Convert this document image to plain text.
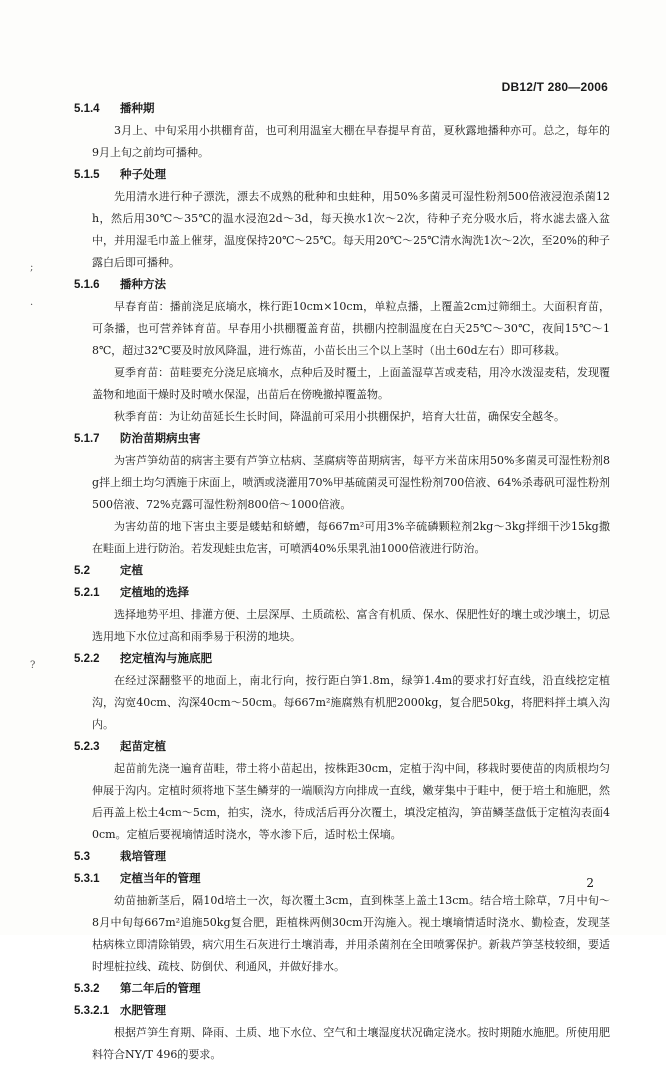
DB12/T 280—2006
;
·
?
5.1.4 播种期

3月上、中旬采用小拱棚育苗，也可利用温室大棚在早春提早育苗，夏秋露地播种亦可。总之，每年的9月上旬之前均可播种。

5.1.5 种子处理

先用清水进行种子漂洗，漂去不成熟的秕种和虫蛀种，用50%多菌灵可湿性粉剂500倍液浸泡杀菌12h，然后用30℃～35℃的温水浸泡2d～3d，每天换水1次～2次，待种子充分吸水后，将水滤去盛入盆中，并用湿毛巾盖上催芽，温度保持20℃～25℃。每天用20℃～25℃清水淘洗1次～2次，至20%的种子露白后即可播种。

5.1.6 播种方法

早春育苗：播前浇足底墒水，株行距10cm×10cm，单粒点播，上覆盖2cm过筛细土。大面积育苗，可条播，也可营养钵育苗。早春用小拱棚覆盖育苗，拱棚内控制温度在白天25℃～30℃，夜间15℃～18℃，超过32℃要及时放风降温，进行炼苗，小苗长出三个以上茎时（出土60d左右）即可移栽。

夏季育苗：苗畦要充分浇足底墒水，点种后及时覆土，上面盖湿草苫或麦秸，用冷水泼湿麦秸，发现覆盖物和地面干燥时及时喷水保湿，出苗后在傍晚撤掉覆盖物。

秋季育苗：为让幼苗延长生长时间，降温前可采用小拱棚保护，培育大壮苗，确保安全越冬。

5.1.7 防治苗期病虫害

为害芦笋幼苗的病害主要有芦笋立枯病、茎腐病等苗期病害，每平方米苗床用50%多菌灵可湿性粉剂8g拌上细土均匀洒施于床面上，喷洒或浇灌用70%甲基硫菌灵可湿性粉剂700倍液、64%杀毒矾可湿性粉剂500倍液、72%克露可湿性粉剂800倍～1000倍液。

为害幼苗的地下害虫主要是蝼蛄和蛴螬，每667m²可用3%辛硫磷颗粒剂2kg～3kg拌细干沙15kg撒在畦面上进行防治。若发现蛙虫危害，可喷洒40%乐果乳油1000倍液进行防治。

5.2	定植
5.2.1 定植地的选择

选择地势平坦、排灌方便、土层深厚、土质疏松、富含有机质、保水、保肥性好的壤土或沙壤土，切忌选用地下水位过高和雨季易于积涝的地块。

5.2.2 挖定植沟与施底肥

在经过深翻整平的地面上，南北行向，按行距白笋1.8m，绿笋1.4m的要求打好直线，沿直线挖定植沟，沟宽40cm、沟深40cm～50cm。每667m²施腐熟有机肥2000kg，复合肥50kg，将肥料拌土填入沟内。

5.2.3 起苗定植

起苗前先浇一遍育苗畦，带土将小苗起出，按株距30cm，定植于沟中间，移栽时要使苗的肉质根均匀伸展于沟内。定植时须将地下茎生鳞芽的一端顺沟方向排成一直线，嫩芽集中于畦中，便于培土和施肥，然后再盖上松土4cm～5cm，拍实，浇水，待成活后再分次覆土，填没定植沟，笋苗鳞茎盘低于定植沟表面40cm。定植后要视墒情适时浇水，等水渗下后，适时松土保墒。

5.3	栽培管理
5.3.1 定植当年的管理

幼苗抽新茎后，隔10d培土一次，每次覆土3cm，直到株茎上盖土13cm。结合培土除草，7月中旬～8月中旬每667m²追施50kg复合肥，距植株两侧30cm开沟施入。视土壤墒情适时浇水、勤检查，发现茎枯病株立即清除销毁，病穴用生石灰进行土壤消毒，并用杀菌剂在全田喷雾保护。新栽芦笋茎枝较细，要适时埋桩拉线、疏枝、防倒伏、利通风，并做好排水。

5.3.2 第二年后的管理
5.3.2.1 水肥管理

根据芦笋生育期、降雨、土质、地下水位、空气和土壤湿度状况确定浇水。按时期随水施肥。所使用肥料符合NY/T 496的要求。

2
